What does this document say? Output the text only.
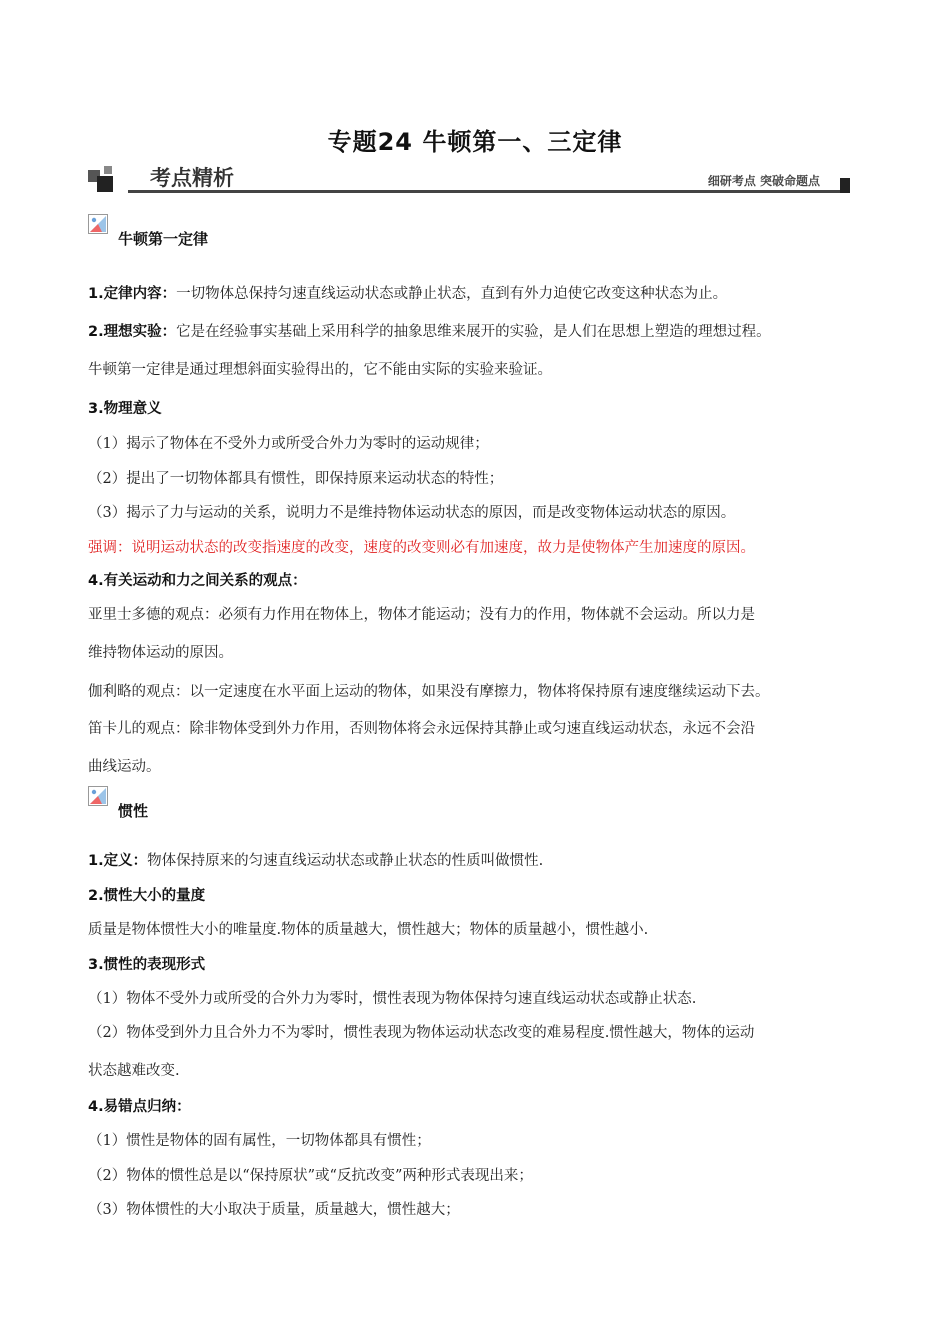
专题24 牛顿第一、三定律
考点精析	细研考点 突破命题点
牛顿第一定律
1.定律内容：一切物体总保持匀速直线运动状态或静止状态，直到有外力迫使它改变这种状态为止。
2.理想实验：它是在经验事实基础上采用科学的抽象思维来展开的实验，是人们在思想上塑造的理想过程。
牛顿第一定律是通过理想斜面实验得出的，它不能由实际的实验来验证。
3.物理意义
（1）揭示了物体在不受外力或所受合外力为零时的运动规律；
（2）提出了一切物体都具有惯性，即保持原来运动状态的特性；
（3）揭示了力与运动的关系，说明力不是维持物体运动状态的原因，而是改变物体运动状态的原因。
强调：说明运动状态的改变指速度的改变，速度的改变则必有加速度，故力是使物体产生加速度的原因。
4.有关运动和力之间关系的观点：
亚里士多德的观点：必须有力作用在物体上，物体才能运动；没有力的作用，物体就不会运动。所以力是
维持物体运动的原因。
伽利略的观点：以一定速度在水平面上运动的物体，如果没有摩擦力，物体将保持原有速度继续运动下去。
笛卡儿的观点：除非物体受到外力作用，否则物体将会永远保持其静止或匀速直线运动状态，永远不会沿
曲线运动。
惯性
1.定义：物体保持原来的匀速直线运动状态或静止状态的性质叫做惯性.
2.惯性大小的量度
质量是物体惯性大小的唯量度.物体的质量越大，惯性越大；物体的质量越小，惯性越小.
3.惯性的表现形式
（1）物体不受外力或所受的合外力为零时，惯性表现为物体保持匀速直线运动状态或静止状态.
（2）物体受到外力且合外力不为零时，惯性表现为物体运动状态改变的难易程度.惯性越大，物体的运动
状态越难改变.
4.易错点归纳：
（1）惯性是物体的固有属性，一切物体都具有惯性；
（2）物体的惯性总是以“保持原状”或“反抗改变”两种形式表现出来；
（3）物体惯性的大小取决于质量，质量越大，惯性越大；
